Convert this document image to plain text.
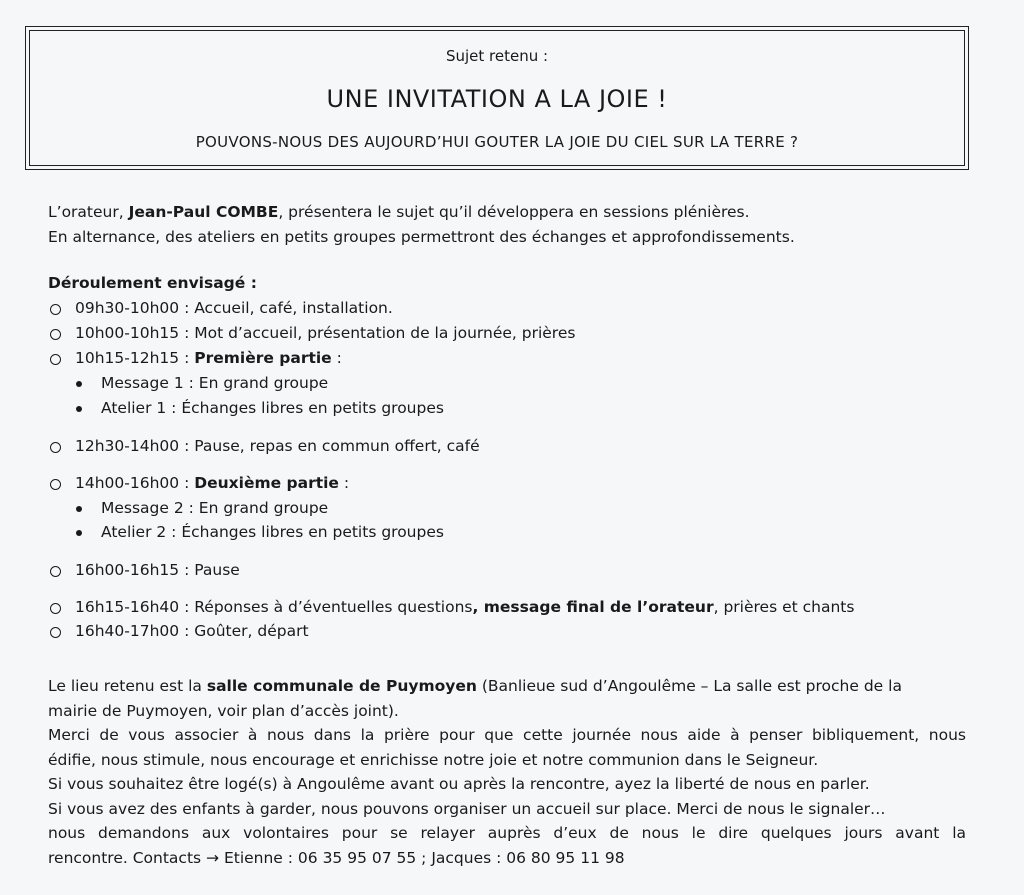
Sujet retenu :

UNE INVITATION A LA JOIE !

POUVONS-NOUS DES AUJOURD’HUI GOUTER LA JOIE DU CIEL SUR LA TERRE ?

L’orateur, Jean-Paul COMBE, présentera le sujet qu’il développera en sessions plénières.
En alternance, des ateliers en petits groupes permettront des échanges et approfondissements.
Déroulement envisagé :
09h30-10h00 : Accueil, café, installation.
10h00-10h15 : Mot d’accueil, présentation de la journée, prières
10h15-12h15 : Première partie :
Message 1 : En grand groupe
Atelier 1 : Échanges libres en petits groupes
12h30-14h00 : Pause, repas en commun offert, café
14h00-16h00 : Deuxième partie :
Message 2 : En grand groupe
Atelier 2 : Échanges libres en petits groupes
16h00-16h15 : Pause
16h15-16h40 : Réponses à d’éventuelles questions, message final de l’orateur, prières et chants
16h40-17h00 : Goûter, départ
Le lieu retenu est la salle communale de Puymoyen (Banlieue sud d’Angoulême – La salle est proche de la
mairie de Puymoyen, voir plan d’accès joint).
Merci de vous associer à nous dans la prière pour que cette journée nous aide à penser bibliquement, nous
édifie, nous stimule, nous encourage et enrichisse notre joie et notre communion dans le Seigneur.
Si vous souhaitez être logé(s) à Angoulême avant ou après la rencontre, ayez la liberté de nous en parler.
Si vous avez des enfants à garder, nous pouvons organiser un accueil sur place. Merci de nous le signaler…
nous demandons aux volontaires pour se relayer auprès d’eux de nous le dire quelques jours avant la
rencontre. Contacts → Etienne : 06 35 95 07 55 ; Jacques : 06 80 95 11 98
